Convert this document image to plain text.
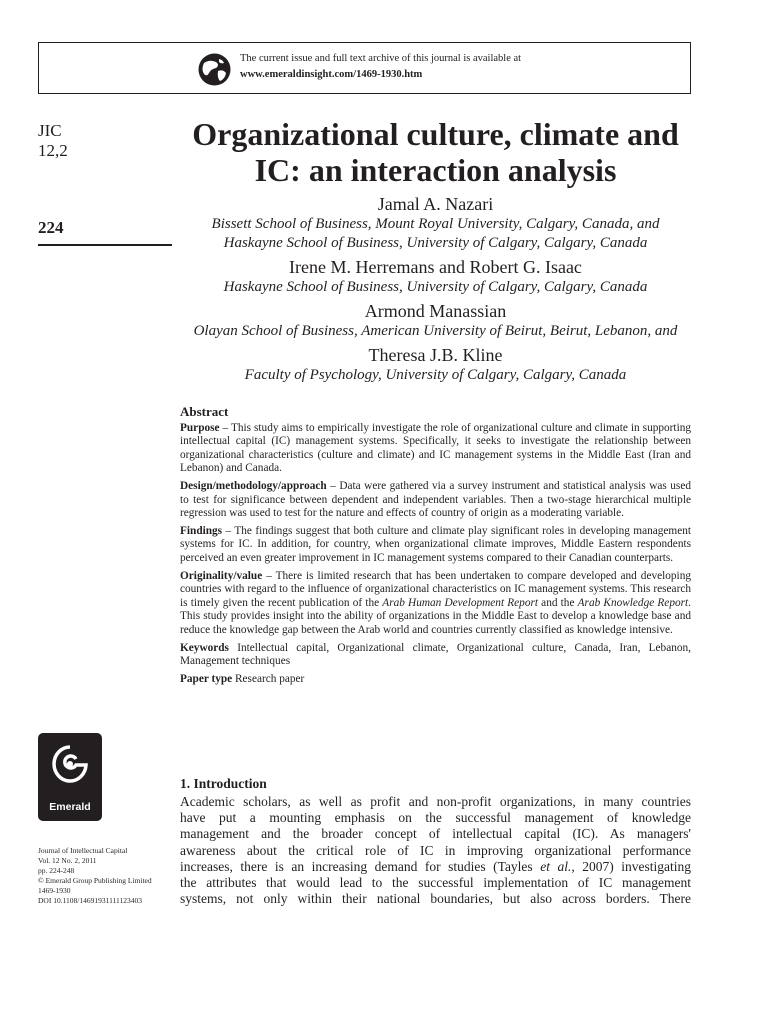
The current issue and full text archive of this journal is available at
www.emeraldinsight.com/1469-1930.htm
JIC
12,2
224
Organizational culture, climate and IC: an interaction analysis
Jamal A. Nazari
Bissett School of Business, Mount Royal University, Calgary, Canada, and
Haskayne School of Business, University of Calgary, Calgary, Canada
Irene M. Herremans and Robert G. Isaac
Haskayne School of Business, University of Calgary, Calgary, Canada
Armond Manassian
Olayan School of Business, American University of Beirut, Beirut, Lebanon, and
Theresa J.B. Kline
Faculty of Psychology, University of Calgary, Calgary, Canada
Abstract

Purpose – This study aims to empirically investigate the role of organizational culture and climate in supporting intellectual capital (IC) management systems. Specifically, it seeks to investigate the relationship between organizational characteristics (culture and climate) and IC management systems in the Middle East (Iran and Lebanon) and Canada.

Design/methodology/approach – Data were gathered via a survey instrument and statistical analysis was used to test for significance between dependent and independent variables. Then a two-stage hierarchical multiple regression was used to test for the nature and effects of country of origin as a moderating variable.

Findings – The findings suggest that both culture and climate play significant roles in developing management systems for IC. In addition, for country, when organizational climate improves, Middle Eastern respondents perceived an even greater improvement in IC management systems compared to their Canadian counterparts.

Originality/value – There is limited research that has been undertaken to compare developed and developing countries with regard to the influence of organizational characteristics on IC management systems. This research is timely given the recent publication of the Arab Human Development Report and the Arab Knowledge Report. This study provides insight into the ability of organizations in the Middle East to develop a knowledge base and reduce the knowledge gap between the Arab world and countries currently classified as knowledge intensive.

Keywords Intellectual capital, Organizational climate, Organizational culture, Canada, Iran, Lebanon, Management techniques

Paper type Research paper

Emerald
Journal of Intellectual Capital
Vol. 12 No. 2, 2011
pp. 224-248
© Emerald Group Publishing Limited
1469-1930
DOI 10.1108/14691931111123403
1. Introduction
Academic scholars, as well as profit and non-profit organizations, in many countries
have put a mounting emphasis on the successful management of knowledge
management and the broader concept of intellectual capital (IC). As managers'
awareness about the critical role of IC in improving organizational performance
increases, there is an increasing demand for studies (Tayles et al., 2007) investigating
the attributes that would lead to the successful implementation of IC management
systems, not only within their national boundaries, but also across borders. There
